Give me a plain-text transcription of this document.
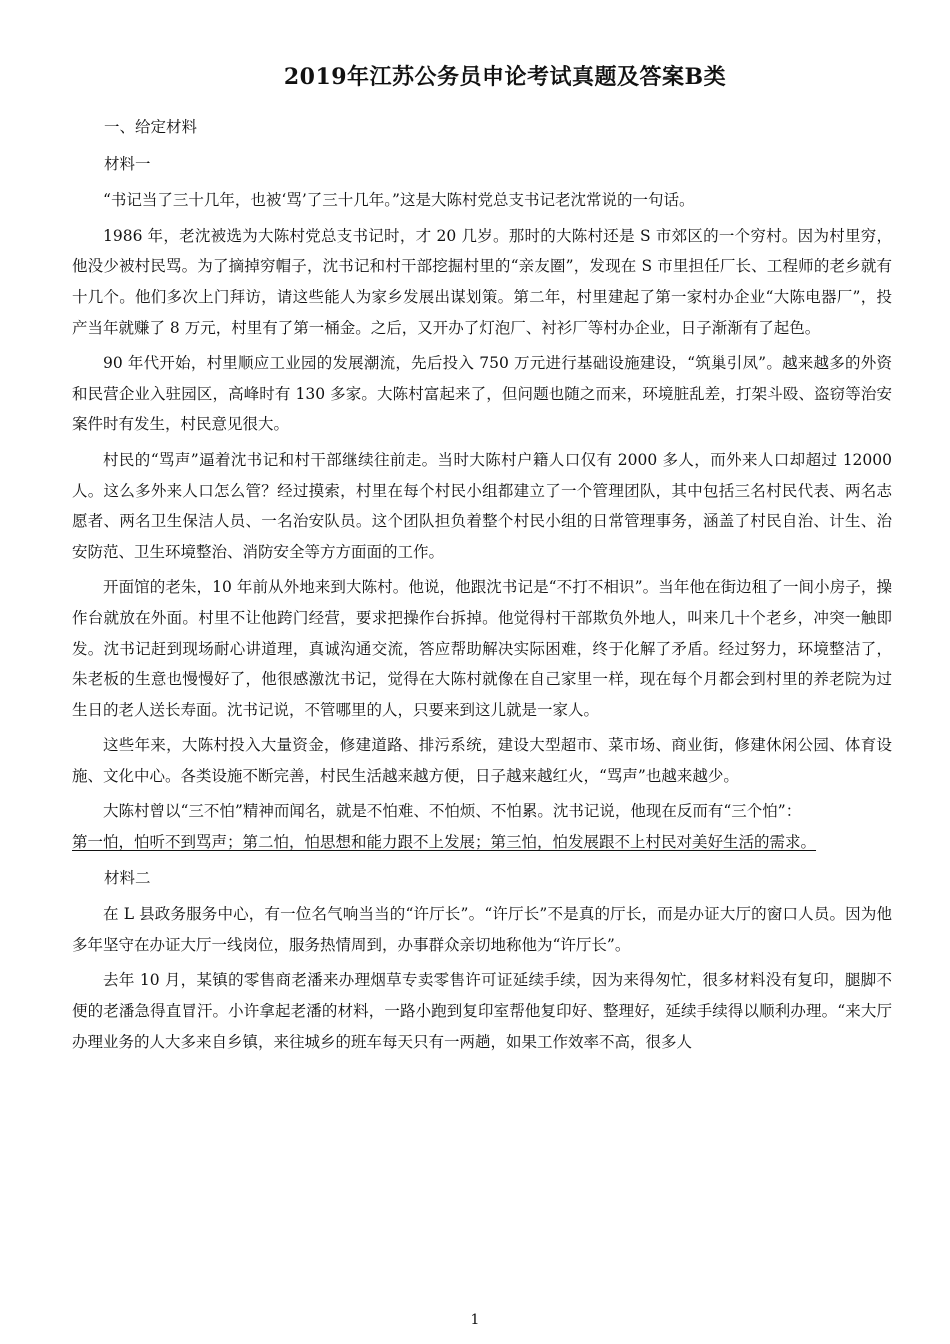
2019年江苏公务员申论考试真题及答案B类

一、给定材料

材料一

“书记当了三十几年，也被‘骂’了三十几年。”这是大陈村党总支书记老沈常说的一句话。

1986 年，老沈被选为大陈村党总支书记时，才 20 几岁。那时的大陈村还是 S 市郊区的一个穷村。因为村里穷，他没少被村民骂。为了摘掉穷帽子，沈书记和村干部挖掘村里的“亲友圈”，发现在 S 市里担任厂长、工程师的老乡就有十几个。他们多次上门拜访，请这些能人为家乡发展出谋划策。第二年，村里建起了第一家村办企业“大陈电器厂”，投产当年就赚了 8 万元，村里有了第一桶金。之后，又开办了灯泡厂、衬衫厂等村办企业，日子渐渐有了起色。

90 年代开始，村里顺应工业园的发展潮流，先后投入 750 万元进行基础设施建设，“筑巢引凤”。越来越多的外资和民营企业入驻园区，高峰时有 130 多家。大陈村富起来了，但问题也随之而来，环境脏乱差，打架斗殴、盗窃等治安案件时有发生，村民意见很大。

村民的“骂声”逼着沈书记和村干部继续往前走。当时大陈村户籍人口仅有 2000 多人，而外来人口却超过 12000 人。这么多外来人口怎么管？经过摸索，村里在每个村民小组都建立了一个管理团队，其中包括三名村民代表、两名志愿者、两名卫生保洁人员、一名治安队员。这个团队担负着整个村民小组的日常管理事务，涵盖了村民自治、计生、治安防范、卫生环境整治、消防安全等方方面面的工作。

开面馆的老朱，10 年前从外地来到大陈村。他说，他跟沈书记是“不打不相识”。当年他在街边租了一间小房子，操作台就放在外面。村里不让他跨门经营，要求把操作台拆掉。他觉得村干部欺负外地人，叫来几十个老乡，冲突一触即发。沈书记赶到现场耐心讲道理，真诚沟通交流，答应帮助解决实际困难，终于化解了矛盾。经过努力，环境整洁了，朱老板的生意也慢慢好了，他很感激沈书记，觉得在大陈村就像在自己家里一样，现在每个月都会到村里的养老院为过生日的老人送长寿面。沈书记说，不管哪里的人，只要来到这儿就是一家人。

这些年来，大陈村投入大量资金，修建道路、排污系统，建设大型超市、菜市场、商业街，修建休闲公园、体育设施、文化中心。各类设施不断完善，村民生活越来越方便，日子越来越红火，“骂声”也越来越少。

大陈村曾以“三不怕”精神而闻名，就是不怕难、不怕烦、不怕累。沈书记说，他现在反而有“三个怕”：

第一怕，怕听不到骂声；第二怕，怕思想和能力跟不上发展；第三怕，怕发展跟不上村民对美好生活的需求。

材料二

在 L 县政务服务中心，有一位名气响当当的“许厅长”。“许厅长”不是真的厅长，而是办证大厅的窗口人员。因为他多年坚守在办证大厅一线岗位，服务热情周到，办事群众亲切地称他为“许厅长”。

去年 10 月，某镇的零售商老潘来办理烟草专卖零售许可证延续手续，因为来得匆忙，很多材料没有复印，腿脚不便的老潘急得直冒汗。小许拿起老潘的材料，一路小跑到复印室帮他复印好、整理好，延续手续得以顺利办理。“来大厅办理业务的人大多来自乡镇，来往城乡的班车每天只有一两趟，如果工作效率不高，很多人

1
